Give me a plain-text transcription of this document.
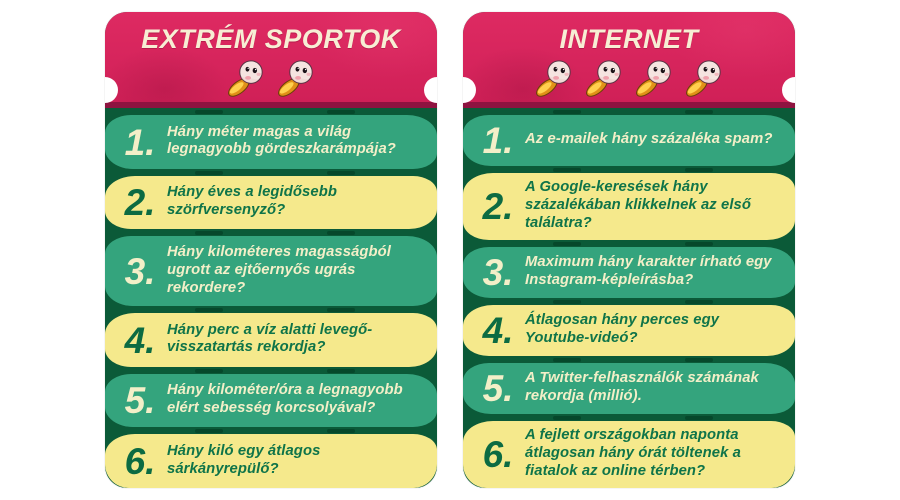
EXTRÉM SPORTOK
1. Hány méter magas a világ legnagyobb gördeszkarámpája?
2. Hány éves a legidősebb szörfversenyző?
3. Hány kilométeres magasságból ugrott az ejtőernyős ugrás rekordere?
4. Hány perc a víz alatti levegő-visszatartás rekordja?
5. Hány kilométer/óra a legnagyobb elért sebesség korcsolyával?
6. Hány kiló egy átlagos sárkányrepülő?
INTERNET
1. Az e-mailek hány százaléka spam?
2. A Google-keresések hány százalékában klikkelnek az első találatra?
3. Maximum hány karakter írható egy Instagram-képleírásba?
4. Átlagosan hány perces egy Youtube-videó?
5. A Twitter-felhasználók számának rekordja (millió).
6. A fejlett országokban naponta átlagosan hány órát töltenek a fiatalok az online térben?
